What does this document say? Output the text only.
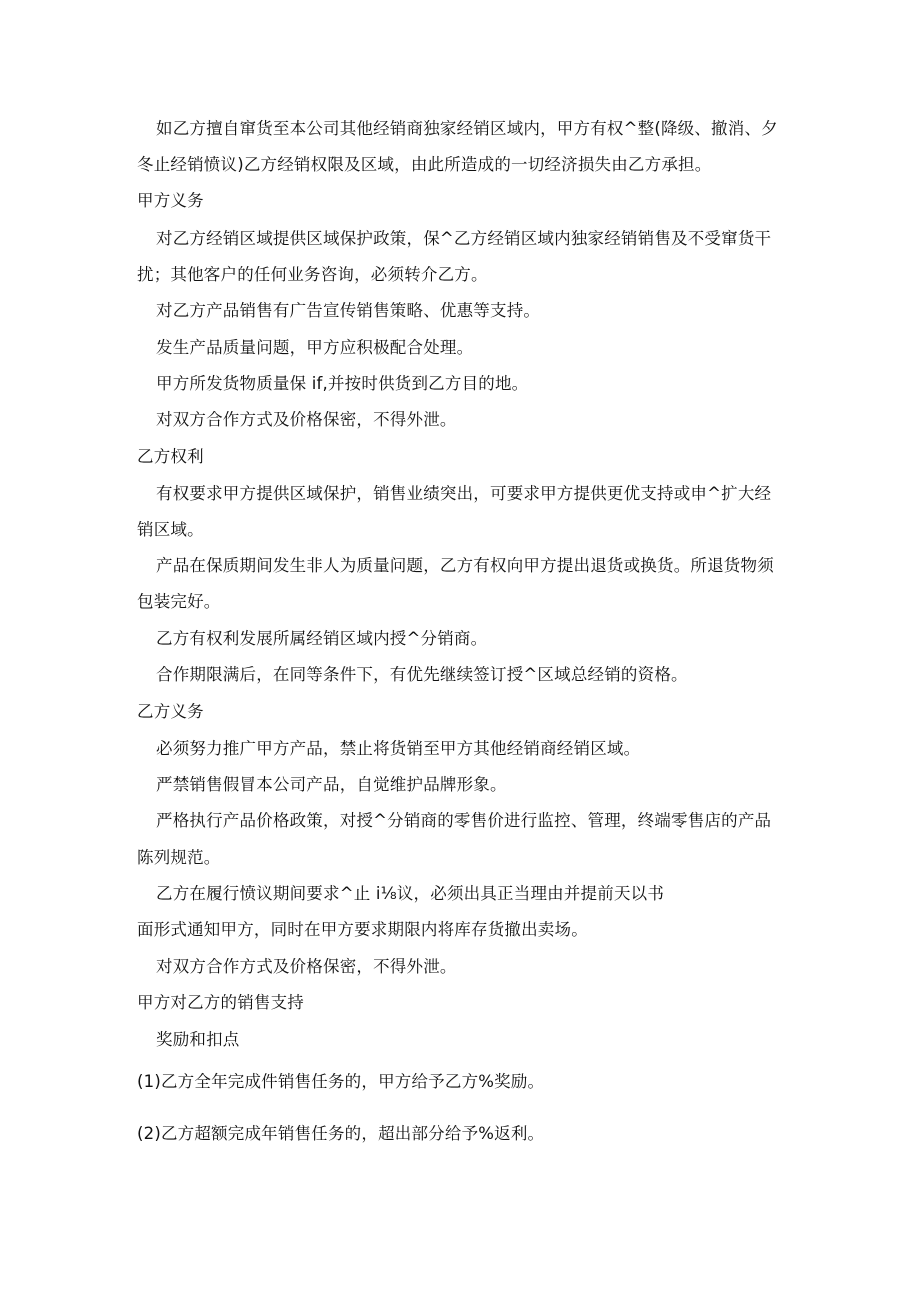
如乙方擅自窜货至本公司其他经销商独家经销区域内，甲方有权^整(降级、撤消、夕
冬止经销愤议)乙方经销权限及区域，由此所造成的一切经济损失由乙方承担。
甲方义务
对乙方经销区域提供区域保护政策，保^乙方经销区域内独家经销销售及不受窜货干
扰；其他客户的任何业务咨询，必须转介乙方。
对乙方产品销售有广告宣传销售策略、优惠等支持。
发生产品质量问题，甲方应积极配合处理。
甲方所发货物质量保 if,并按时供货到乙方目的地。
对双方合作方式及价格保密，不得外泄。
乙方权利
有权要求甲方提供区域保护，销售业绩突出，可要求甲方提供更优支持或申^扩大经
销区域。
产品在保质期间发生非人为质量问题，乙方有权向甲方提出退货或换货。所退货物须
包装完好。
乙方有权利发展所属经销区域内授^分销商。
合作期限满后，在同等条件下，有优先继续签订授^区域总经销的资格。
乙方义务
必须努力推广甲方产品，禁止将货销至甲方其他经销商经销区域。
严禁销售假冒本公司产品，自觉维护品牌形象。
严格执行产品价格政策，对授^分销商的零售价进行监控、管理，终端零售店的产品
陈列规范。
乙方在履行愤议期间要求^止 i⅛议，必须出具正当理由并提前天以书
面形式通知甲方，同时在甲方要求期限内将库存货撤出卖场。
对双方合作方式及价格保密，不得外泄。
甲方对乙方的销售支持
奖励和扣点
(1)乙方全年完成件销售任务的，甲方给予乙方%奖励。
(2)乙方超额完成年销售任务的，超出部分给予%返利。
